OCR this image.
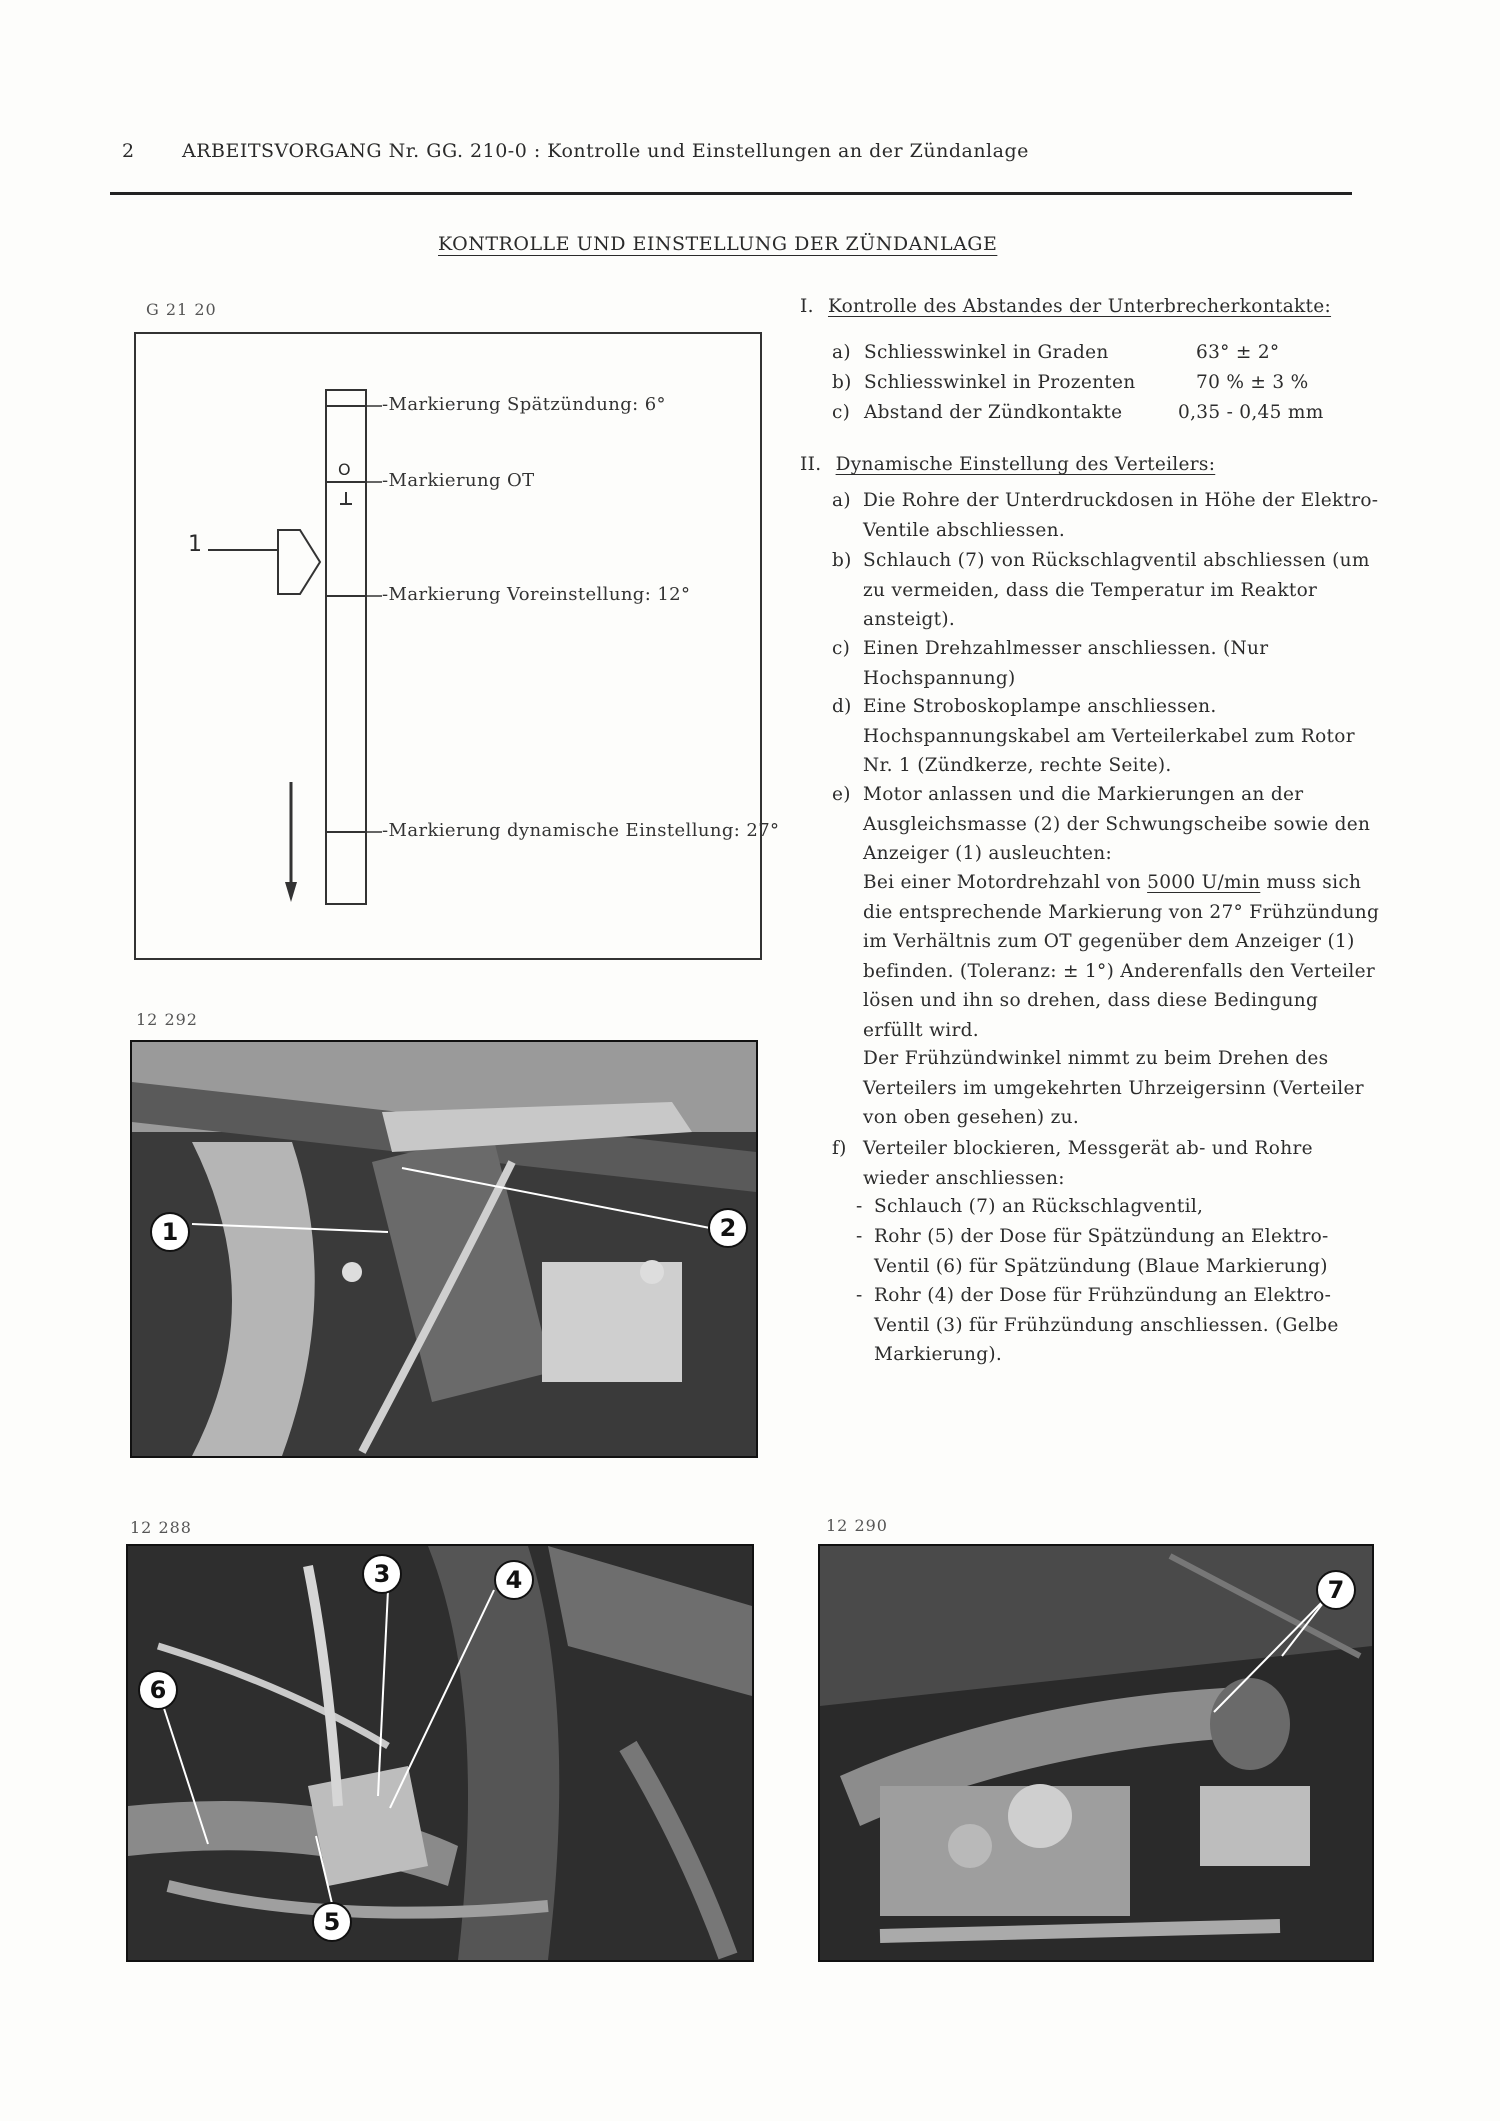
2 ARBEITSVORGANG Nr. GG. 210-0 : Kontrolle und Einstellungen an der Zündanlage
KONTROLLE UND EINSTELLUNG DER ZÜNDANLAGE
G 21 20
1
O
-Markierung Spätzündung: 6°
-Markierung OT
-Markierung Voreinstellung: 12°
-Markierung dynamische Einstellung: 27°
12 292
1	2
12 288
3	4
6
5
12 290
7
I. Kontrolle des Abstandes der Unterbrecherkontakte:
a) Schliesswinkel in Graden	63° ± 2°
b) Schliesswinkel in Prozenten	70 % ± 3 %
c) Abstand der Zündkontakte	0,35 - 0,45 mm
II. Dynamische Einstellung des Verteilers:
a) Die Rohre der Unterdruckdosen in Höhe der Elektro-Ventile abschliessen.
b) Schlauch (7) von Rückschlagventil abschliessen (um zu vermeiden, dass die Temperatur im Reaktor ansteigt).
c) Einen Drehzahlmesser anschliessen. (Nur Hochspannung)
d) Eine Stroboskoplampe anschliessen. Hochspannungskabel am Verteilerkabel zum Rotor Nr. 1 (Zündkerze, rechte Seite).
e) Motor anlassen und die Markierungen an der Ausgleichsmasse (2) der Schwungscheibe sowie den Anzeiger (1) ausleuchten:
Bei einer Motordrehzahl von 5000 U/min muss sich die entsprechende Markierung von 27° Frühzündung im Verhältnis zum OT gegenüber dem Anzeiger (1) befinden. (Toleranz: ± 1°) Anderenfalls den Verteiler lösen und ihn so drehen, dass diese Bedingung erfüllt wird.
Der Frühzündwinkel nimmt zu beim Drehen des Verteilers im umgekehrten Uhrzeigersinn (Verteiler von oben gesehen) zu.
f) Verteiler blockieren, Messgerät ab- und Rohre wieder anschliessen:
- Schlauch (7) an Rückschlagventil,
- Rohr (5) der Dose für Spätzündung an Elektro-Ventil (6) für Spätzündung (Blaue Markierung)
- Rohr (4) der Dose für Frühzündung an Elektro-Ventil (3) für Frühzündung anschliessen. (Gelbe Markierung).
